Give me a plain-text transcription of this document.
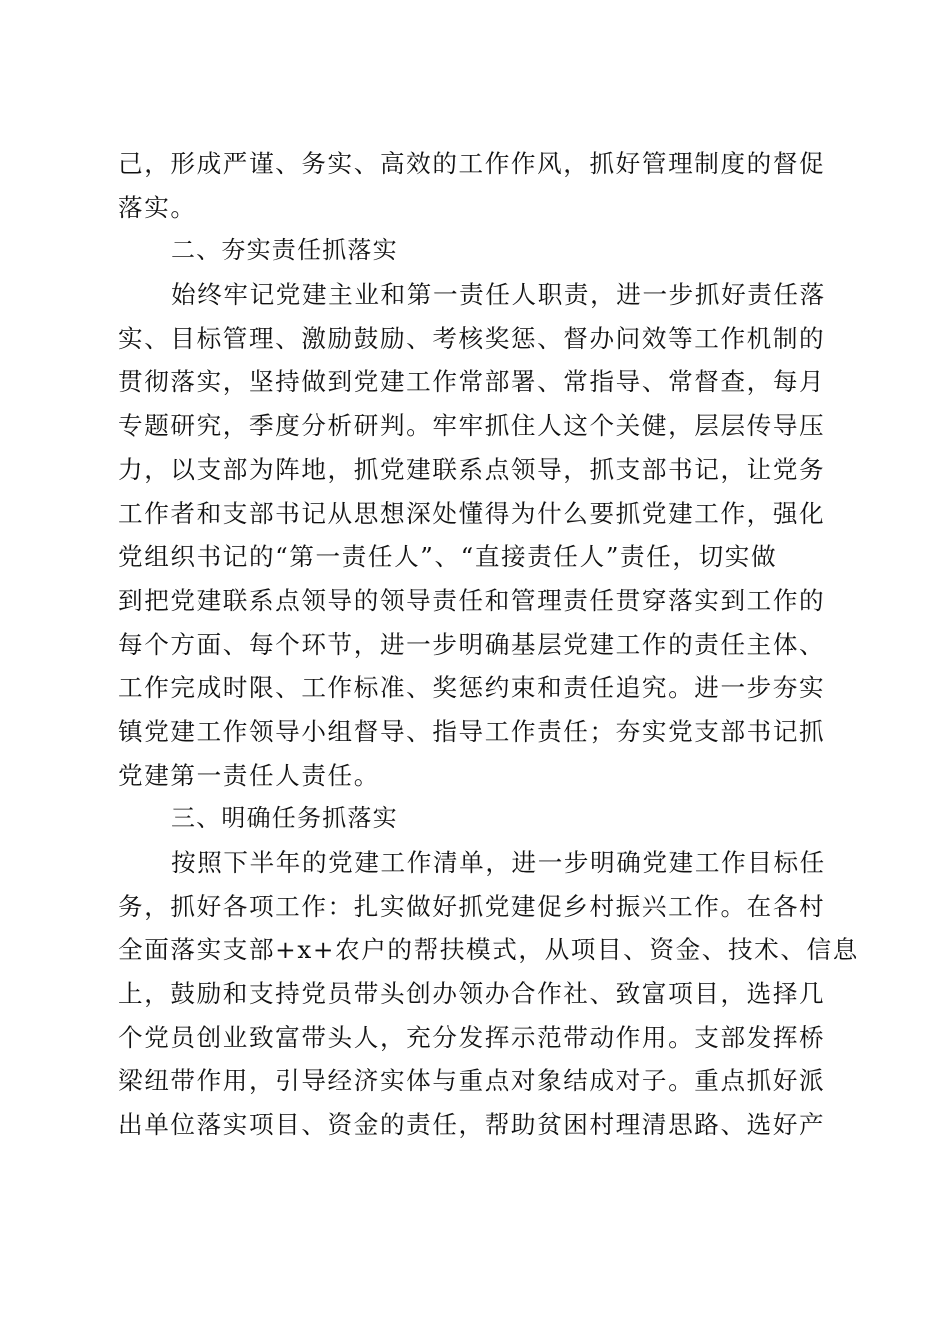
己，形成严谨、务实、高效的工作作风，抓好管理制度的督促
落实。
二、夯实责任抓落实
始终牢记党建主业和第一责任人职责，进一步抓好责任落
实、目标管理、激励鼓励、考核奖惩、督办问效等工作机制的
贯彻落实，坚持做到党建工作常部署、常指导、常督查，每月
专题研究，季度分析研判。牢牢抓住人这个关健，层层传导压
力，以支部为阵地，抓党建联系点领导，抓支部书记，让党务
工作者和支部书记从思想深处懂得为什么要抓党建工作，强化
党组织书记的“第一责任人”、“直接责任人”责任，切实做
到把党建联系点领导的领导责任和管理责任贯穿落实到工作的
每个方面、每个环节，进一步明确基层党建工作的责任主体、
工作完成时限、工作标准、奖惩约束和责任追究。进一步夯实
镇党建工作领导小组督导、指导工作责任；夯实党支部书记抓
党建第一责任人责任。
三、明确任务抓落实
按照下半年的党建工作清单，进一步明确党建工作目标任
务，抓好各项工作：扎实做好抓党建促乡村振兴工作。在各村
全面落实支部+x+农户的帮扶模式，从项目、资金、技术、信息
上，鼓励和支持党员带头创办领办合作社、致富项目，选择几
个党员创业致富带头人，充分发挥示范带动作用。支部发挥桥
梁纽带作用，引导经济实体与重点对象结成对子。重点抓好派
出单位落实项目、资金的责任，帮助贫困村理清思路、选好产
